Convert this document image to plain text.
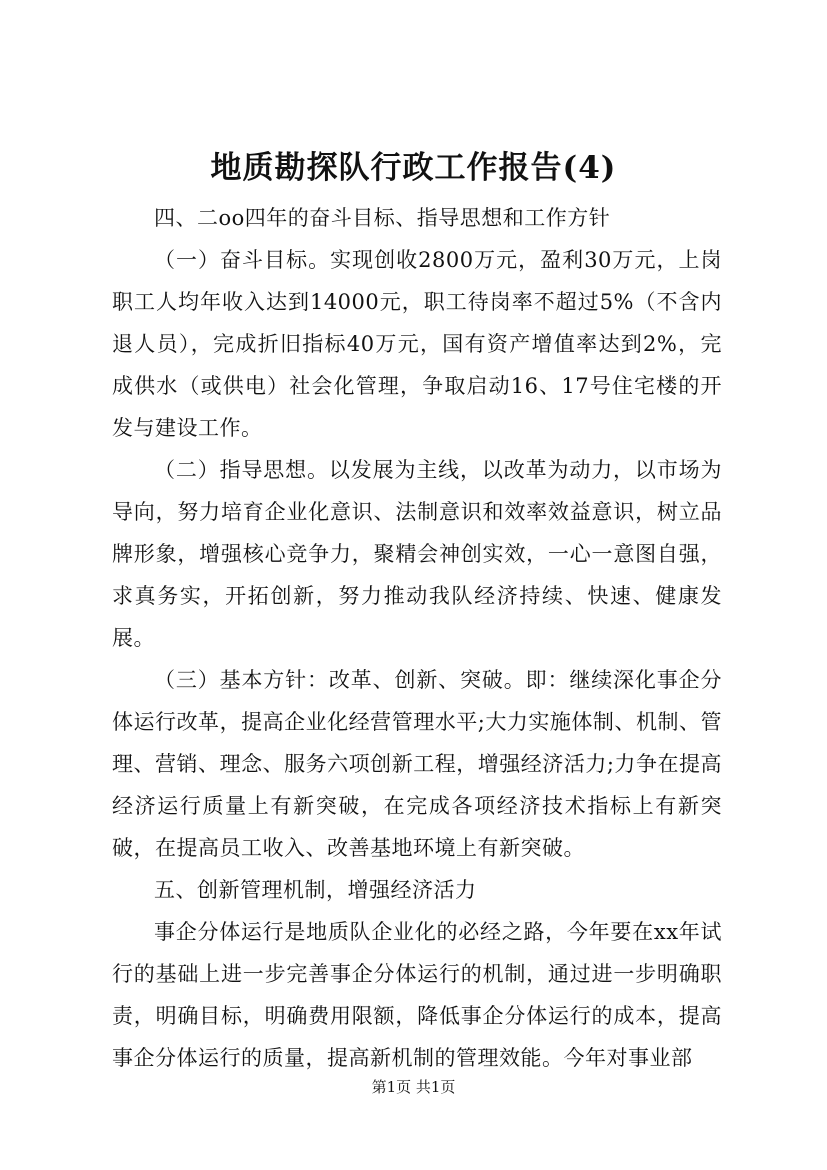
地质勘探队行政工作报告(4)

四、二oo四年的奋斗目标、指导思想和工作方针

（一）奋斗目标。实现创收2800万元，盈利30万元，上岗职工人均年收入达到14000元，职工待岗率不超过5%（不含内退人员），完成折旧指标40万元，国有资产增值率达到2%，完成供水（或供电）社会化管理，争取启动16、17号住宅楼的开发与建设工作。

（二）指导思想。以发展为主线，以改革为动力，以市场为导向，努力培育企业化意识、法制意识和效率效益意识，树立品牌形象，增强核心竞争力，聚精会神创实效，一心一意图自强，求真务实，开拓创新，努力推动我队经济持续、快速、健康发展。

（三）基本方针：改革、创新、突破。即：继续深化事企分体运行改革，提高企业化经营管理水平;大力实施体制、机制、管理、营销、理念、服务六项创新工程，增强经济活力;力争在提高经济运行质量上有新突破，在完成各项经济技术指标上有新突破，在提高员工收入、改善基地环境上有新突破。

五、创新管理机制，增强经济活力

事企分体运行是地质队企业化的必经之路，今年要在xx年试行的基础上进一步完善事企分体运行的机制，通过进一步明确职责，明确目标，明确费用限额，降低事企分体运行的成本，提高事企分体运行的质量，提高新机制的管理效能。今年对事业部

第1页 共1页
